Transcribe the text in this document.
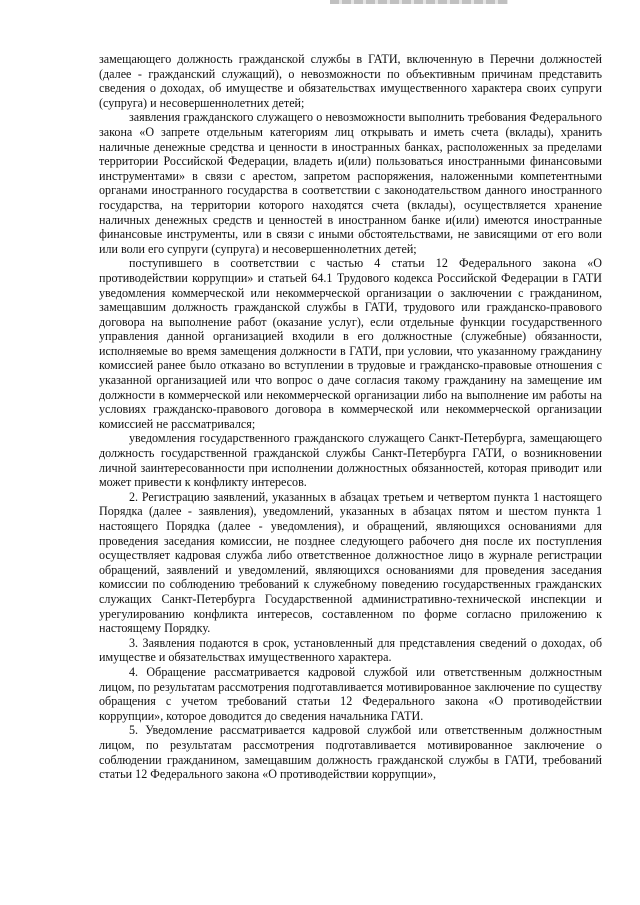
замещающего должность гражданской службы в ГАТИ, включенную в Перечни должностей (далее - гражданский служащий), о невозможности по объективным причинам представить сведения о доходах, об имуществе и обязательствах имущественного характера своих супруги (супруга) и несовершеннолетних детей;

заявления гражданского служащего о невозможности выполнить требования Федерального закона «О запрете отдельным категориям лиц открывать и иметь счета (вклады), хранить наличные денежные средства и ценности в иностранных банках, расположенных за пределами территории Российской Федерации, владеть и(или) пользоваться иностранными финансовыми инструментами» в связи с арестом, запретом распоряжения, наложенными компетентными органами иностранного государства в соответствии с законодательством данного иностранного государства, на территории которого находятся счета (вклады), осуществляется хранение наличных денежных средств и ценностей в иностранном банке и(или) имеются иностранные финансовые инструменты, или в связи с иными обстоятельствами, не зависящими от его воли или воли его супруги (супруга) и несовершеннолетних детей;

поступившего в соответствии с частью 4 статьи 12 Федерального закона «О противодействии коррупции» и статьей 64.1 Трудового кодекса Российской Федерации в ГАТИ уведомления коммерческой или некоммерческой организации о заключении с гражданином, замещавшим должность гражданской службы в ГАТИ, трудового или гражданско-правового договора на выполнение работ (оказание услуг), если отдельные функции государственного управления данной организацией входили в его должностные (служебные) обязанности, исполняемые во время замещения должности в ГАТИ, при условии, что указанному гражданину комиссией ранее было отказано во вступлении в трудовые и гражданско-правовые отношения с указанной организацией или что вопрос о даче согласия такому гражданину на замещение им должности в коммерческой или некоммерческой организации либо на выполнение им работы на условиях гражданско-правового договора в коммерческой или некоммерческой организации комиссией не рассматривался;

уведомления государственного гражданского служащего Санкт-Петербурга, замещающего должность государственной гражданской службы Санкт-Петербурга ГАТИ, о возникновении личной заинтересованности при исполнении должностных обязанностей, которая приводит или может привести к конфликту интересов.

2. Регистрацию заявлений, указанных в абзацах третьем и четвертом пункта 1 настоящего Порядка (далее - заявления), уведомлений, указанных в абзацах пятом и шестом пункта 1 настоящего Порядка (далее - уведомления), и обращений, являющихся основаниями для проведения заседания комиссии, не позднее следующего рабочего дня после их поступления осуществляет кадровая служба либо ответственное должностное лицо в журнале регистрации обращений, заявлений и уведомлений, являющихся основаниями для проведения заседания комиссии по соблюдению требований к служебному поведению государственных гражданских служащих Санкт-Петербурга Государственной административно-технической инспекции и урегулированию конфликта интересов, составленном по форме согласно приложению к настоящему Порядку.

3. Заявления подаются в срок, установленный для представления сведений о доходах, об имуществе и обязательствах имущественного характера.

4. Обращение рассматривается кадровой службой или ответственным должностным лицом, по результатам рассмотрения подготавливается мотивированное заключение по существу обращения с учетом требований статьи 12 Федерального закона «О противодействии коррупции», которое доводится до сведения начальника ГАТИ.

5. Уведомление рассматривается кадровой службой или ответственным должностным лицом, по результатам рассмотрения подготавливается мотивированное заключение о соблюдении гражданином, замещавшим должность гражданской службы в ГАТИ, требований статьи 12 Федерального закона «О противодействии коррупции»,
